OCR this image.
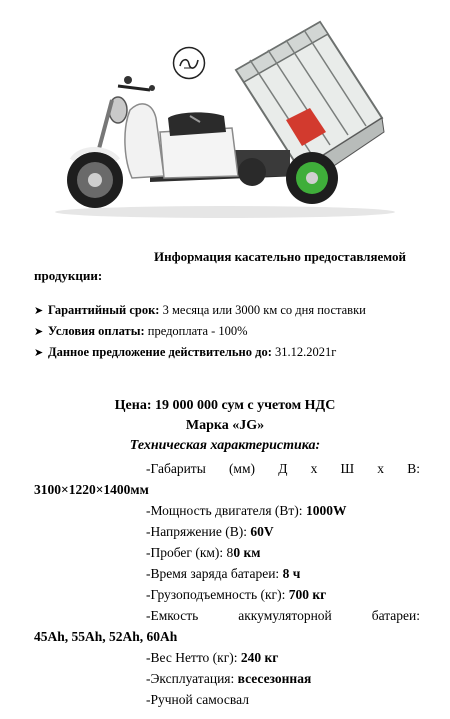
Информация касательно предоставляемой
продукции:
➤ Гарантийный срок: 3 месяца или 3000 км со дня поставки
➤ Условия оплаты: предоплата - 100%
➤ Данное предложение действительно до: 31.12.2021г
Цена: 19 000 000 сум с учетом НДС
Марка «JG»
Техническая характеристика:
-Габариты (мм) Д х Ш х В:
3100×1220×1400мм
-Мощность двигателя (Вт): 1000W
-Напряжение (В): 60V
-Пробег (км): 80 км
-Время заряда батареи: 8 ч
-Грузоподъемность (кг): 700 кг
-Емкость	аккумуляторной	батареи:
45Ah, 55Ah, 52Ah, 60Ah
-Вес Нетто (кг): 240 кг
-Эксплуатация: всесезонная
-Ручной самосвал
